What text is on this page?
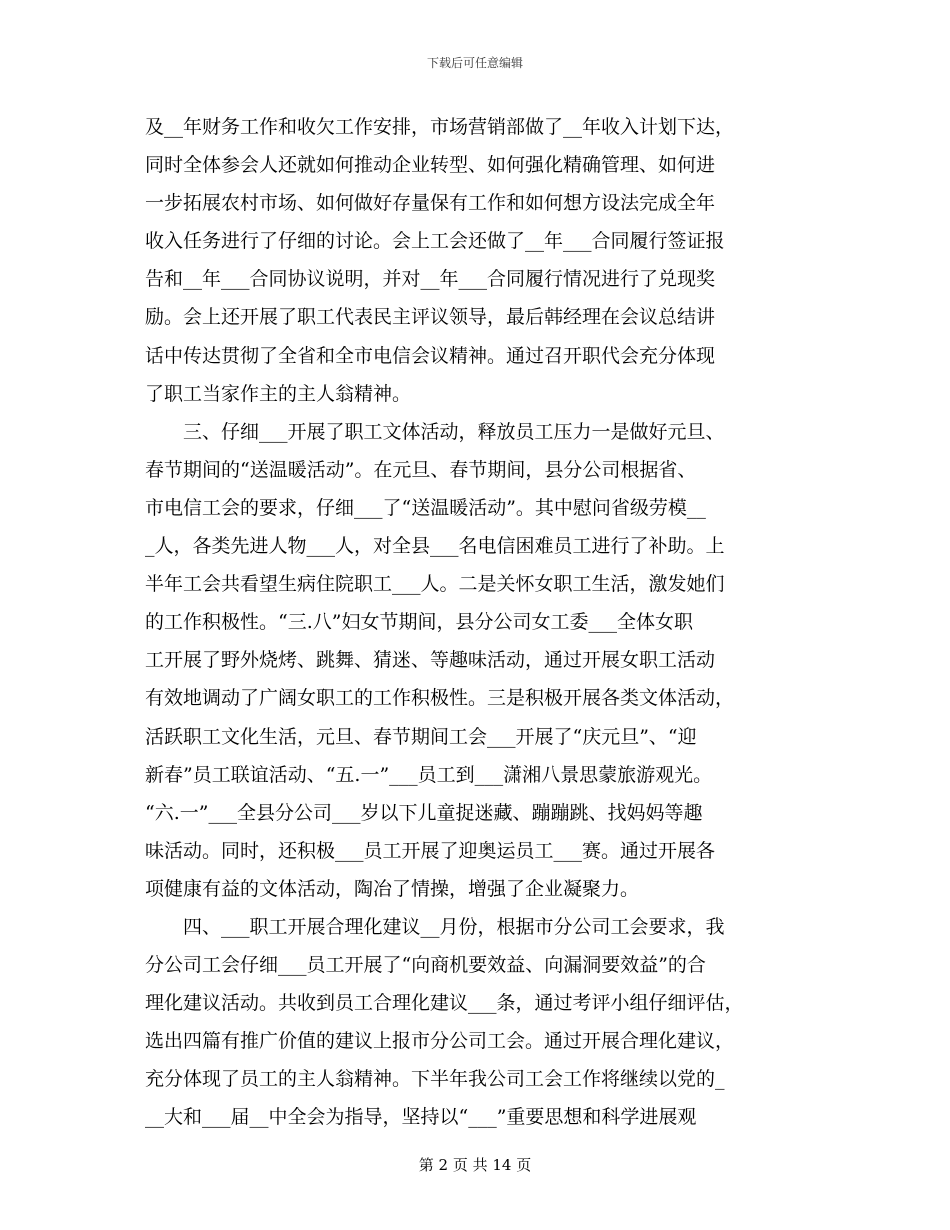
下载后可任意编辑
及__年财务工作和收欠工作安排，市场营销部做了__年收入计划下达，
同时全体参会人还就如何推动企业转型、如何强化精确管理、如何进
一步拓展农村市场、如何做好存量保有工作和如何想方设法完成全年
收入任务进行了仔细的讨论。会上工会还做了__年___合同履行签证报
告和__年___合同协议说明，并对__年___合同履行情况进行了兑现奖
励。会上还开展了职工代表民主评议领导，最后韩经理在会议总结讲
话中传达贯彻了全省和全市电信会议精神。通过召开职代会充分体现
了职工当家作主的主人翁精神。
　　三、仔细___开展了职工文体活动，释放员工压力一是做好元旦、
春节期间的“送温暖活动”。在元旦、春节期间，县分公司根据省、
市电信工会的要求，仔细___了“送温暖活动”。其中慰问省级劳模__
_人，各类先进人物___人，对全县___名电信困难员工进行了补助。上
半年工会共看望生病住院职工___人。二是关怀女职工生活，激发她们
的工作积极性。“三.八”妇女节期间，县分公司女工委___全体女职
工开展了野外烧烤、跳舞、猜迷、等趣味活动，通过开展女职工活动
有效地调动了广阔女职工的工作积极性。三是积极开展各类文体活动，
活跃职工文化生活，元旦、春节期间工会___开展了“庆元旦”、“迎
新春”员工联谊活动、“五.一”___员工到___潇湘八景思蒙旅游观光。
“六.一”___全县分公司___岁以下儿童捉迷藏、蹦蹦跳、找妈妈等趣
味活动。同时，还积极___员工开展了迎奥运员工___赛。通过开展各
项健康有益的文体活动，陶冶了情操，增强了企业凝聚力。
　　四、___职工开展合理化建议__月份，根据市分公司工会要求，我
分公司工会仔细___员工开展了“向商机要效益、向漏洞要效益”的合
理化建议活动。共收到员工合理化建议___条，通过考评小组仔细评估，
选出四篇有推广价值的建议上报市分公司工会。通过开展合理化建议，
充分体现了员工的主人翁精神。下半年我公司工会工作将继续以党的_
__大和___届__中全会为指导，坚持以“___”重要思想和科学进展观
第 2 页 共 14 页
